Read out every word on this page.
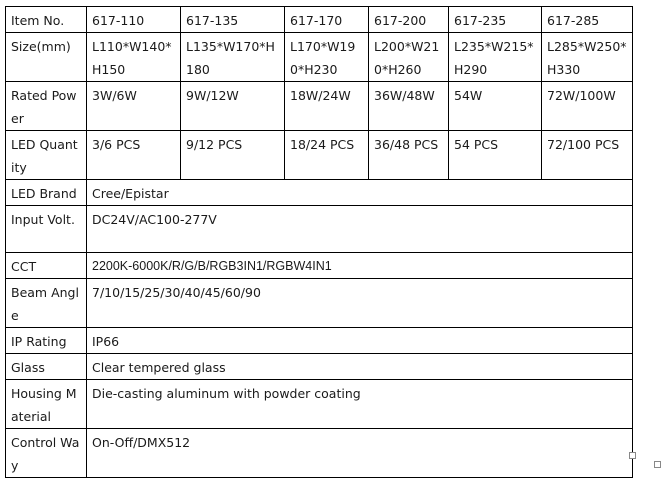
Item No.	617-110	617-135	617-170	617-200	617-235	617-285
Size(mm)	L110*W140*H150	L135*W170*H180	L170*W190*H230	L200*W210*H260	L235*W215*H290	L285*W250*H330
Rated Power	3W/6W	9W/12W	18W/24W	36W/48W	54W	72W/100W
LED Quantity	3/6 PCS	9/12 PCS	18/24 PCS	36/48 PCS	54 PCS	72/100 PCS
LED Brand	Cree/Epistar					
Input Volt.	DC24V/AC100-277V					
CCT	2200K-6000K/R/G/B/RGB3IN1/RGBW4IN1					
Beam Angle	7/10/15/25/30/40/45/60/90					
IP Rating	IP66					
Glass	Clear tempered glass					
Housing Material	Die-casting aluminum with powder coating					
Control Way	On-Off/DMX512					
